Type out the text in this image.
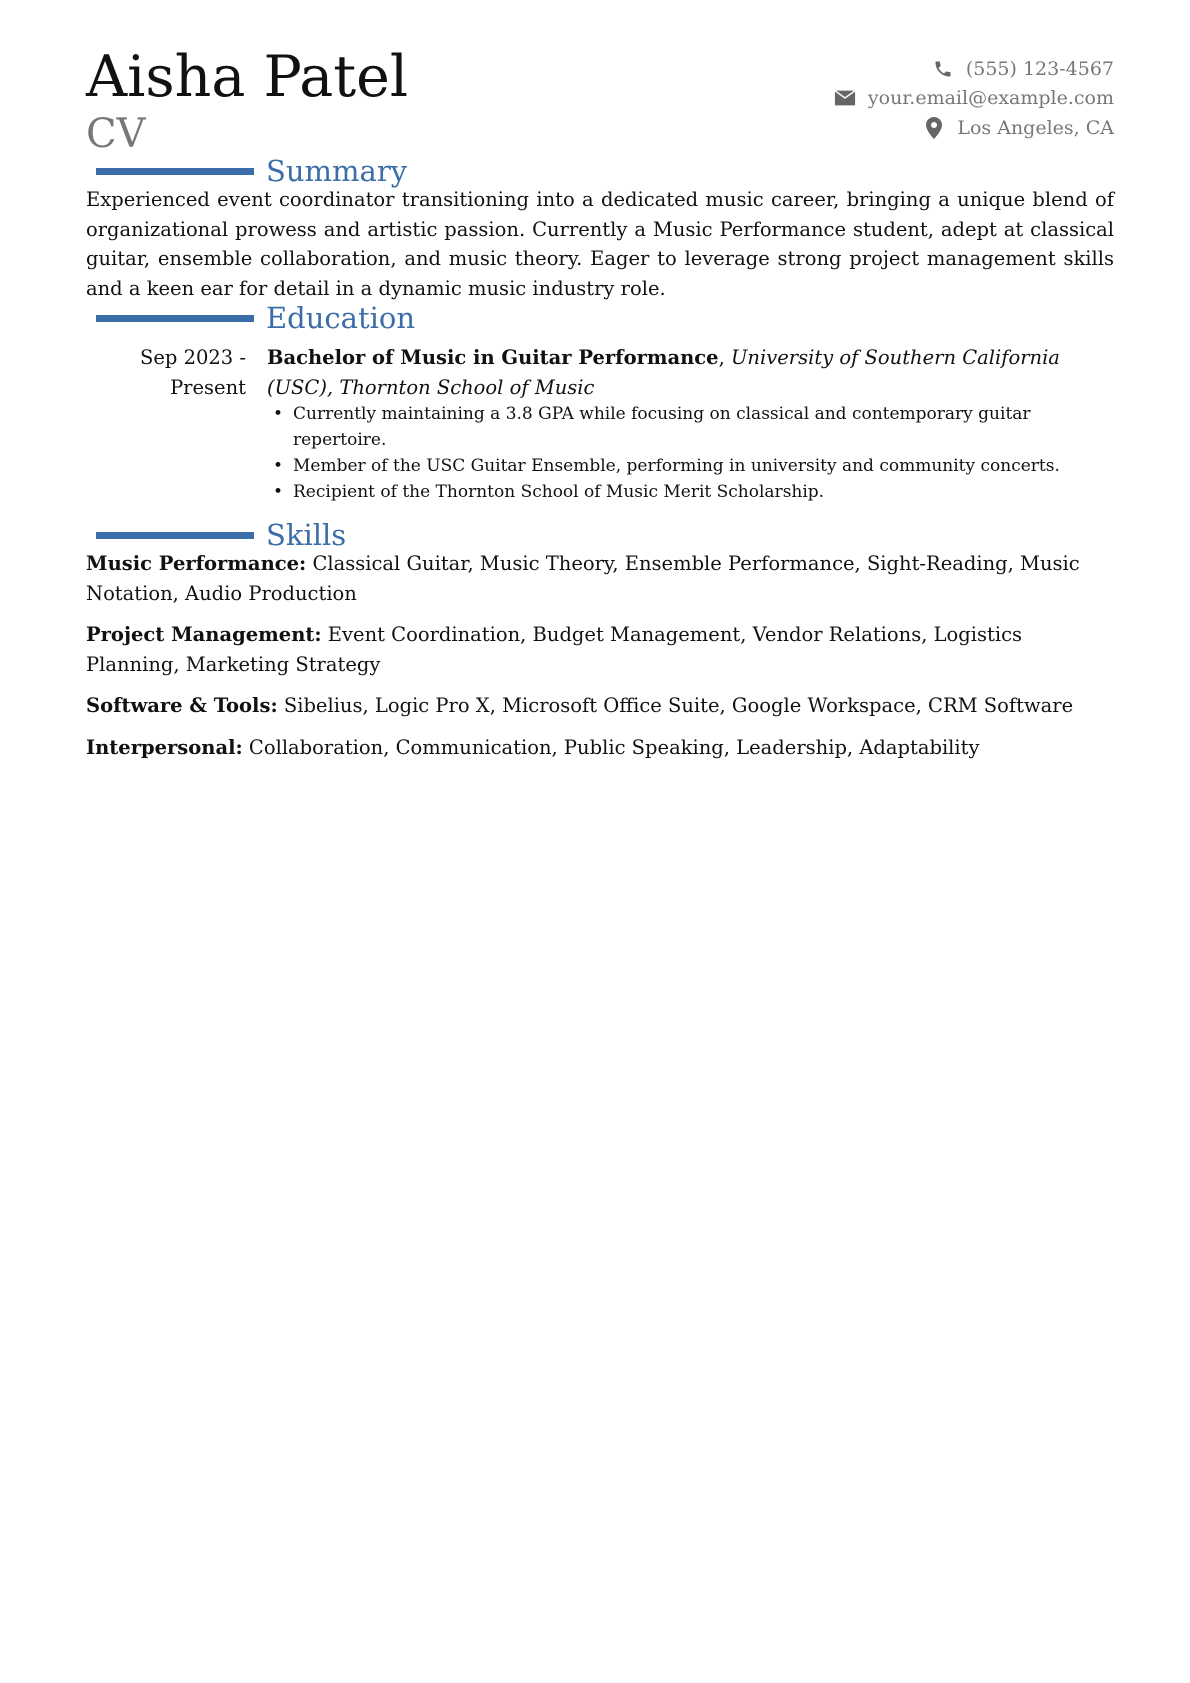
Aisha Patel
CV
(555) 123-4567
your.email@example.com
Los Angeles, CA
Summary

Experienced event coordinator transitioning into a dedicated music career, bringing a unique blend of organizational prowess and artistic passion. Currently a Music Performance student, adept at classical guitar, ensemble collaboration, and music theory. Eager to leverage strong project management skills and a keen ear for detail in a dynamic music industry role.

Education
Sep 2023 - Present
Bachelor of Music in Guitar Performance, University of Southern California (USC), Thornton School of Music
• Currently maintaining a 3.8 GPA while focusing on classical and contemporary guitar repertoire.
• Member of the USC Guitar Ensemble, performing in university and community concerts.
• Recipient of the Thornton School of Music Merit Scholarship.
Skills

Music Performance: Classical Guitar, Music Theory, Ensemble Performance, Sight-Reading, Music Notation, Audio Production

Project Management: Event Coordination, Budget Management, Vendor Relations, Logistics Planning, Marketing Strategy

Software & Tools: Sibelius, Logic Pro X, Microsoft Office Suite, Google Workspace, CRM Software

Interpersonal: Collaboration, Communication, Public Speaking, Leadership, Adaptability
